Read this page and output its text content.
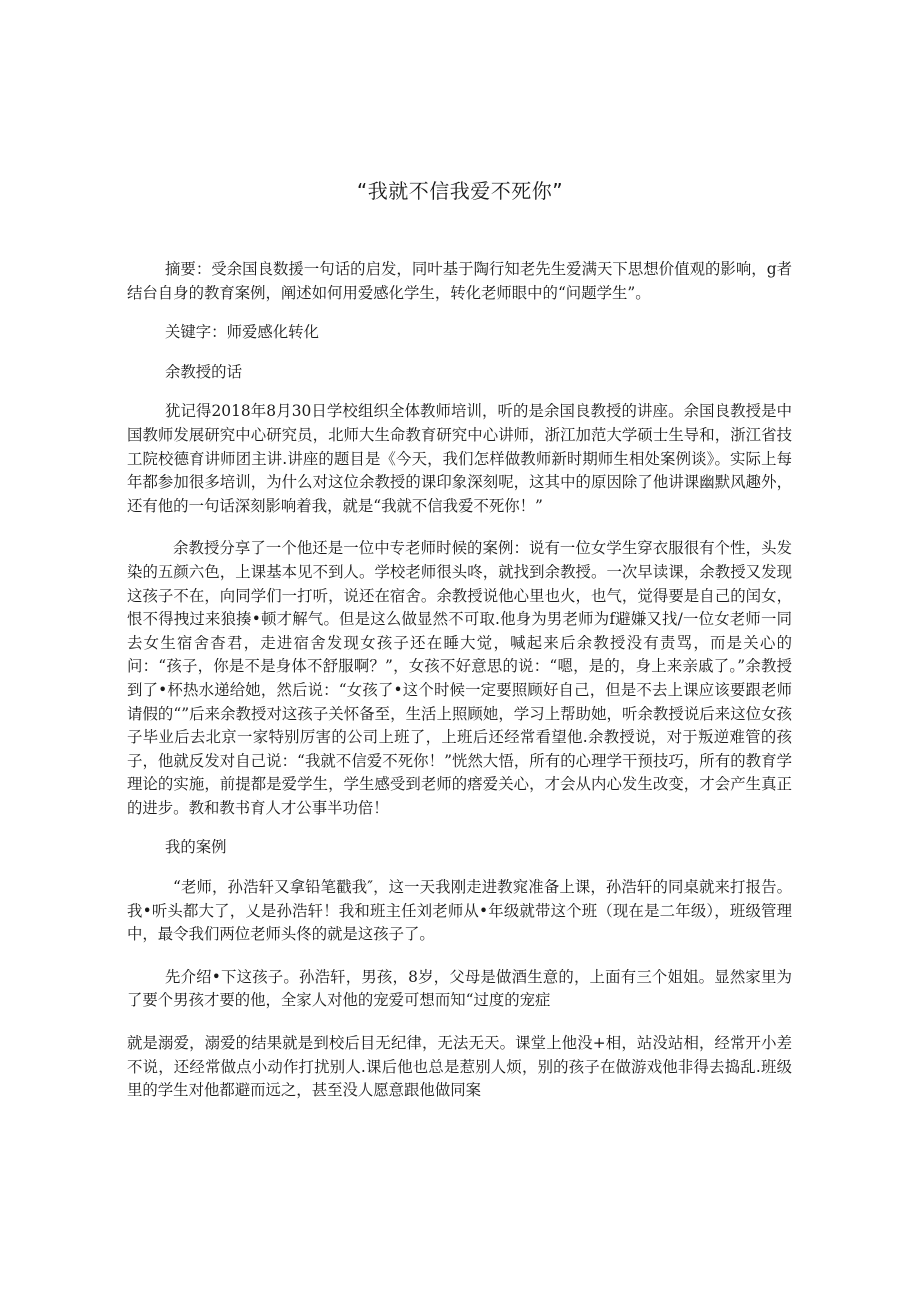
“我就不信我爱不死你”

摘要：受余国良数援一句话的启发，同叶基于陶行知老先生爱满天下思想价值观的影响，g者结台自身的教育案例，阐述如何用爱感化学生，转化老师眼中的“问题学生”。

关键字：师爱感化转化

余教授的话

犹记得2018年8月30日学校组织全体教师培训，听的是余国良教授的讲座。余国良教授是中国教师发展研究中心研究员，北师大生命教育研究中心讲师，浙江加范大学硕士生导和，浙江省技工院校德育讲师团主讲.讲座的题目是《今天，我们怎样做教师新时期师生相处案例谈》。实际上每年都参加很多培训，为什么对这位余教授的课印象深刻呢，这其中的原因除了他讲课幽默风趣外，还有他的一句话深刻影响着我，就是“我就不信我爱不死你！”

余教授分享了一个他还是一位中专老师时候的案例：说有一位女学生穿衣服很有个性，头发染的五颜六色，上课基本见不到人。学校老师很头咚，就找到余教授。一次早读课，余教授又发现这孩子不在，向同学们一打听，说还在宿舍。余教授说他心里也火，也气，觉得要是自己的闰女，恨不得拽过来狼揍•顿才解气。但是这么做显然不可取.他身为男老师为f避嫌又找/一位女老师一同去女生宿舍杳君，走进宿舍发现女孩子还在睡大觉，喊起来后余教授没有责骂，而是关心的问：“孩子，你是不是身体不舒服啊？”，女孩不好意思的说：“嗯，是的，身上来亲戚了。”余教授到了•杯热水递给她，然后说：“女孩了•这个时候一定要照顾好自己，但是不去上课应该要跟老师请假的“”后来余教授对这孩子关怀备至，生活上照顾她，学习上帮助她，听余教授说后来这位女孩子毕业后去北京一家特别厉害的公司上班了，上班后还经常看望他.余教授说，对于叛逆难管的孩子，他就反发对自己说：“我就不信爱不死你！”恍然大悟，所有的心理学干预技巧，所有的教育学理论的实施，前提都是爱学生，学生感受到老师的瘩爱关心，才会从内心发生改变，才会产生真正的进步。教和教书育人才公事半功倍！

我的案例

“老师，孙浩轩又拿铅笔戳我″，这一天我刚走进教窕准备上课，孙浩轩的同桌就来打报告。我•听头都大了，乂是孙浩轩！我和班主任刘老师从•年级就带这个班（现在是二年级），班级管理中，最令我们两位老师头佟的就是这孩子了。

先介绍•下这孩子。孙浩轩，男孩，8岁，父母是做酒生意的，上面有三个姐姐。显然家里为了要个男孩才要的他，全家人对他的宠爱可想而知“过度的宠症

就是溺爱，溺爱的结果就是到校后目无纪律，无法无天。课堂上他没+相，站没站相，经常开小差不说，还经常做点小动作打扰别人.课后他也总是惹别人烦，别的孩子在做游戏他非得去捣乱.班级里的学生对他都避而远之，甚至没人愿意跟他做同案
